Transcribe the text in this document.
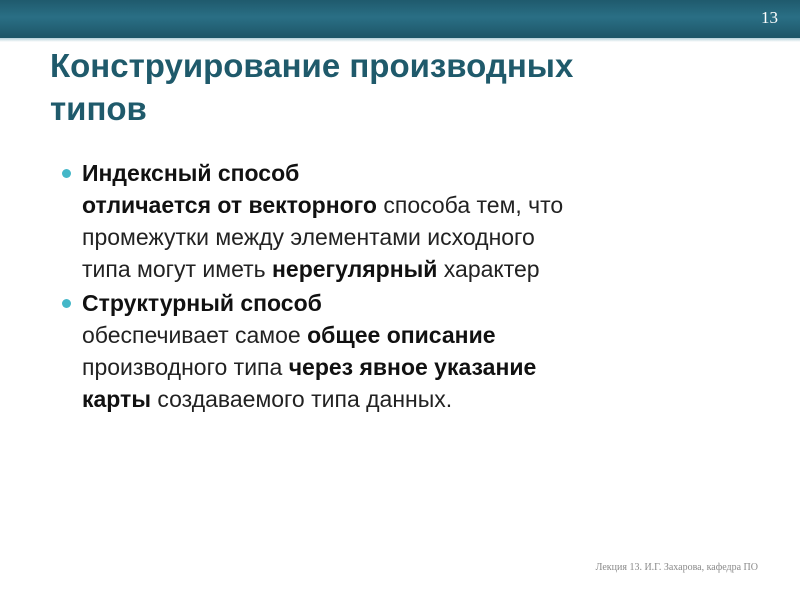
13
Конструирование производных
типов
Индексный способ
отличается от векторного способа тем, что
промежутки между элементами исходного
типа могут иметь нерегулярный характер
Структурный способ
обеспечивает самое общее описание
производного типа через явное указание
карты создаваемого типа данных.
Лекция 13. И.Г. Захарова, кафедра ПО
